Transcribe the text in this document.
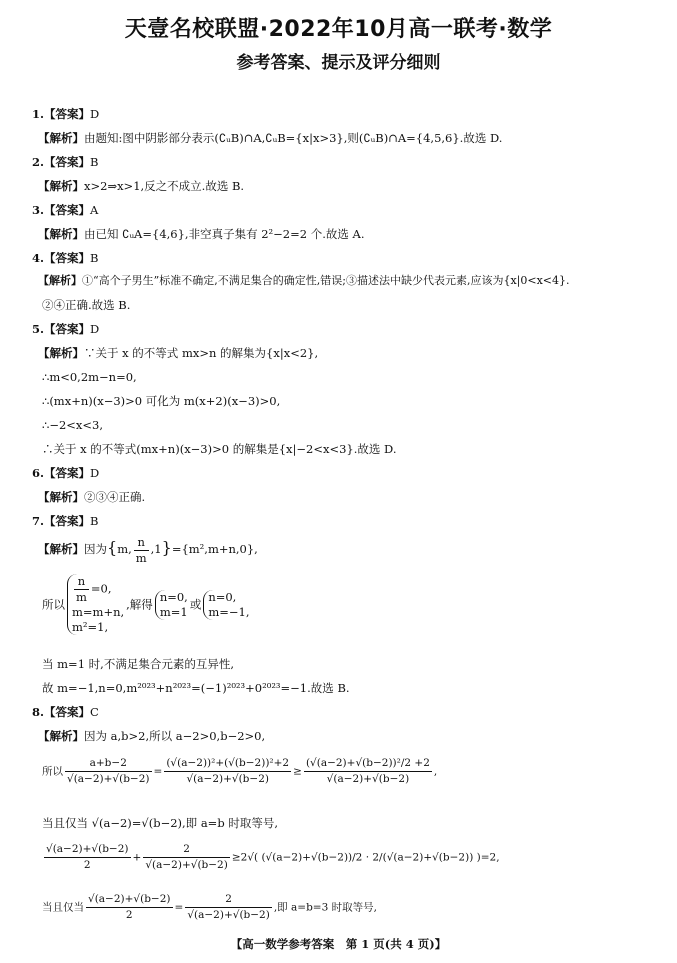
天壹名校联盟·2022年10月高一联考·数学
参考答案、提示及评分细则
1.【答案】D
【解析】由题知:图中阴影部分表示(∁ᵤB)∩A,∁ᵤB={x|x>3},则(∁ᵤB)∩A={4,5,6}.故选 D.
2.【答案】B
【解析】x>2⇒x>1,反之不成立.故选 B.
3.【答案】A
【解析】由已知 ∁ᵤA={4,6},非空真子集有 2²−2=2 个.故选 A.
4.【答案】B
【解析】①“高个子男生”标准不确定,不满足集合的确定性,错误;③描述法中缺少代表元素,应该为{x|0<x<4}.
②④正确.故选 B.
5.【答案】D
【解析】∵关于 x 的不等式 mx>n 的解集为{x|x<2},
∴m<0,2m−n=0,
∴(mx+n)(x−3)>0 可化为 m(x+2)(x−3)>0,
∴−2<x<3,
∴关于 x 的不等式(mx+n)(x−3)>0 的解集是{x|−2<x<3}.故选 D.
6.【答案】D
【解析】②③④正确.
7.【答案】B
【解析】因为{m, $\frac{n}{m} ,1\}=\{m^2,m+n,0\}$,
所以 $\frac{n}{m} =0$,
m=m+n,
m²=1,
,解得
n=0,
m=1 或
n=0,
m=−1,
当 m=1 时,不满足集合元素的互异性,
故 m=−1,n=0,m²⁰²³+n²⁰²³=(−1)²⁰²³+0²⁰²³=−1.故选 B.
8.【答案】C
【解析】因为 a,b>2,所以 a−2>0,b−2>0,
所以 $\frac{a+b-2}{√(a-2)+√(b-2)} = \frac{\text{(√(a−2))²+(√(b−2))²+2}}{√(a-2)+√(b-2)} \ge \frac{\text{(√(a−2)+√(b−2))²/2 +2}}{√(a-2)+√(b-2)}$ ,
当且仅当 √(a−2)=√(b−2),即 a=b 时取等号,
$\frac{√(a-2)+√(b-2)}{2} + \frac{2}{√(a-2)+√(b-2)} \ge 2√$( (√(a−2)+√(b−2))/2 · 2/(√(a−2)+√(b−2)) )=2,
当且仅当 $\frac{√(a-2)+√(b-2)}{2} = \frac{2}{√(a-2)+√(b-2)}$ ,即 a=b=3 时取等号,
【高一数学参考答案　第 1 页(共 4 页)】
